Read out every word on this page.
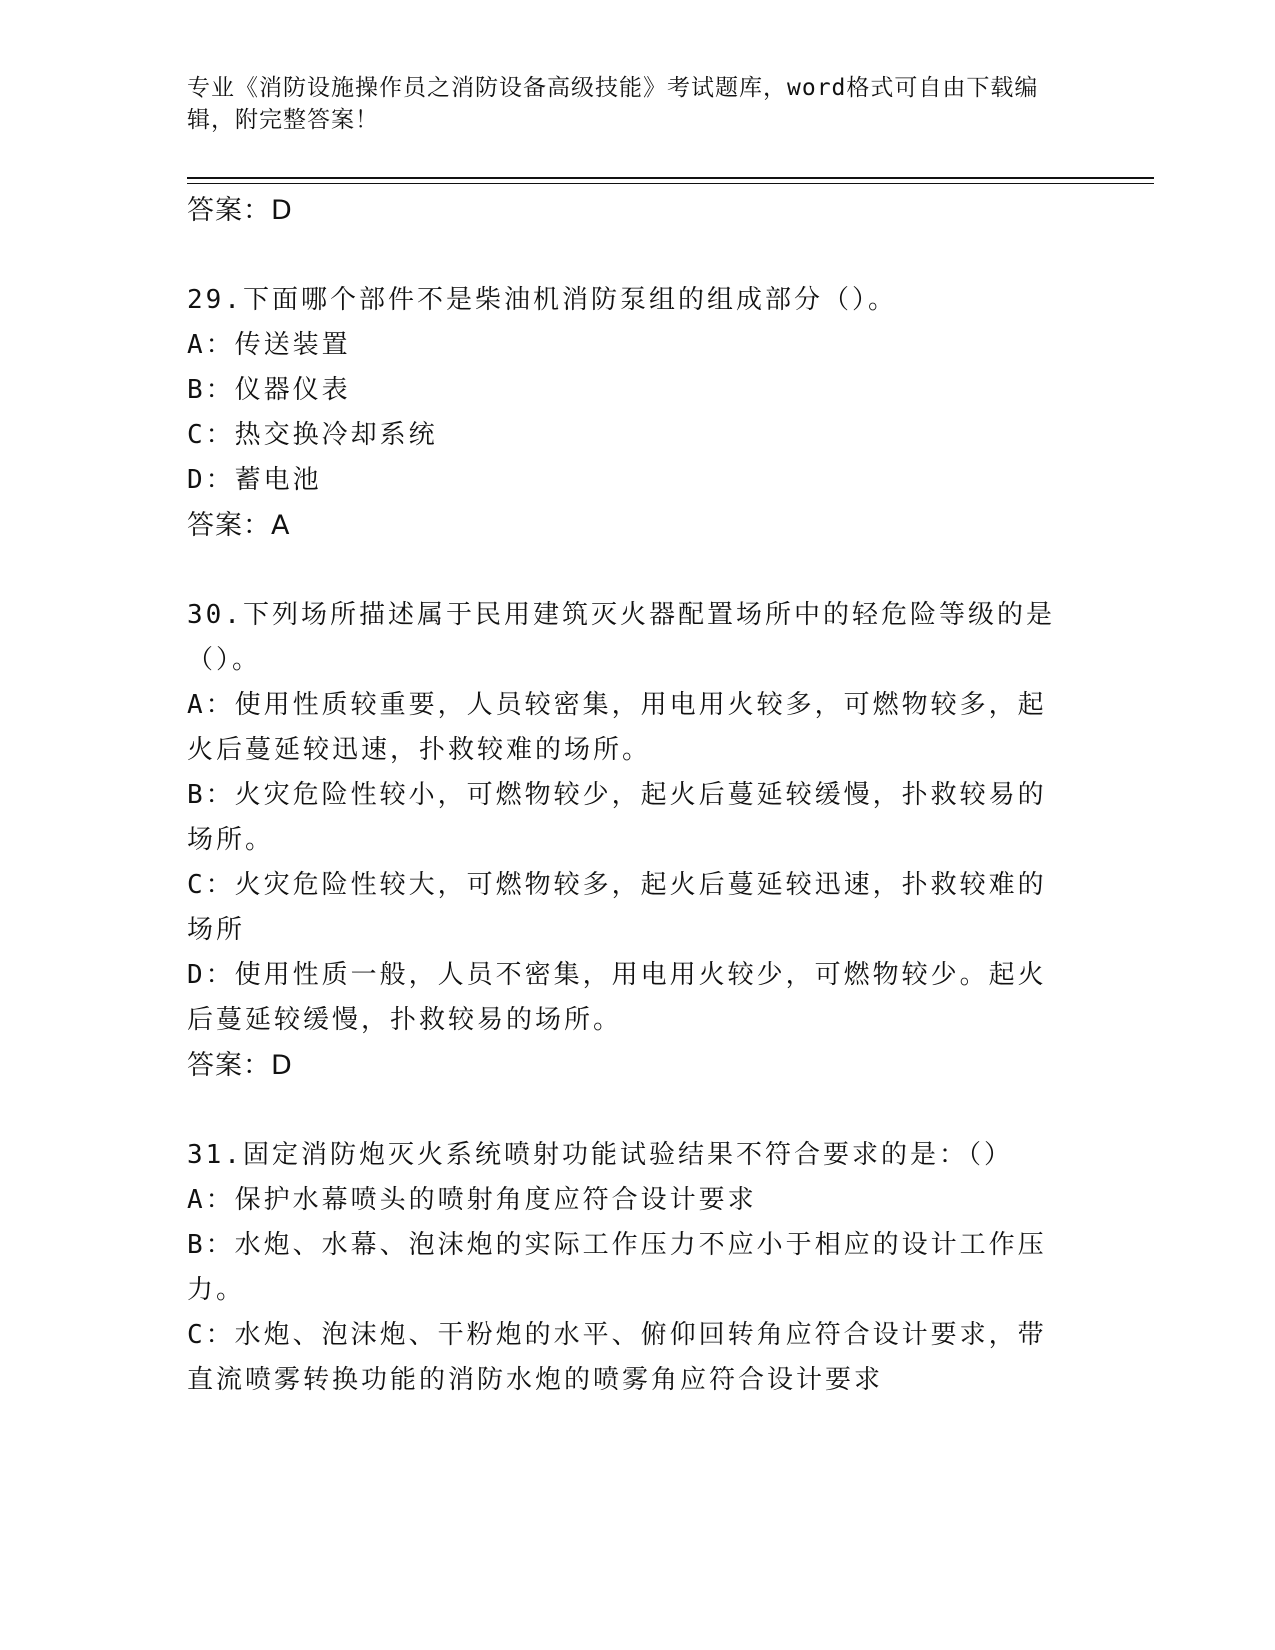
专业《消防设施操作员之消防设备高级技能》考试题库，word格式可自由下载编辑，附完整答案！
答案：D
29.下面哪个部件不是柴油机消防泵组的组成部分（）。
A：传送装置
B：仪器仪表
C：热交换冷却系统
D：蓄电池
答案：A
30.下列场所描述属于民用建筑灭火器配置场所中的轻危险等级的是（）。
A：使用性质较重要，人员较密集，用电用火较多，可燃物较多，起火后蔓延较迅速，扑救较难的场所。
B：火灾危险性较小，可燃物较少，起火后蔓延较缓慢，扑救较易的场所。
C：火灾危险性较大，可燃物较多，起火后蔓延较迅速，扑救较难的场所
D：使用性质一般，人员不密集，用电用火较少，可燃物较少。起火后蔓延较缓慢，扑救较易的场所。
答案：D
31.固定消防炮灭火系统喷射功能试验结果不符合要求的是：（）
A：保护水幕喷头的喷射角度应符合设计要求
B：水炮、水幕、泡沫炮的实际工作压力不应小于相应的设计工作压力。
C：水炮、泡沫炮、干粉炮的水平、俯仰回转角应符合设计要求，带直流喷雾转换功能的消防水炮的喷雾角应符合设计要求
